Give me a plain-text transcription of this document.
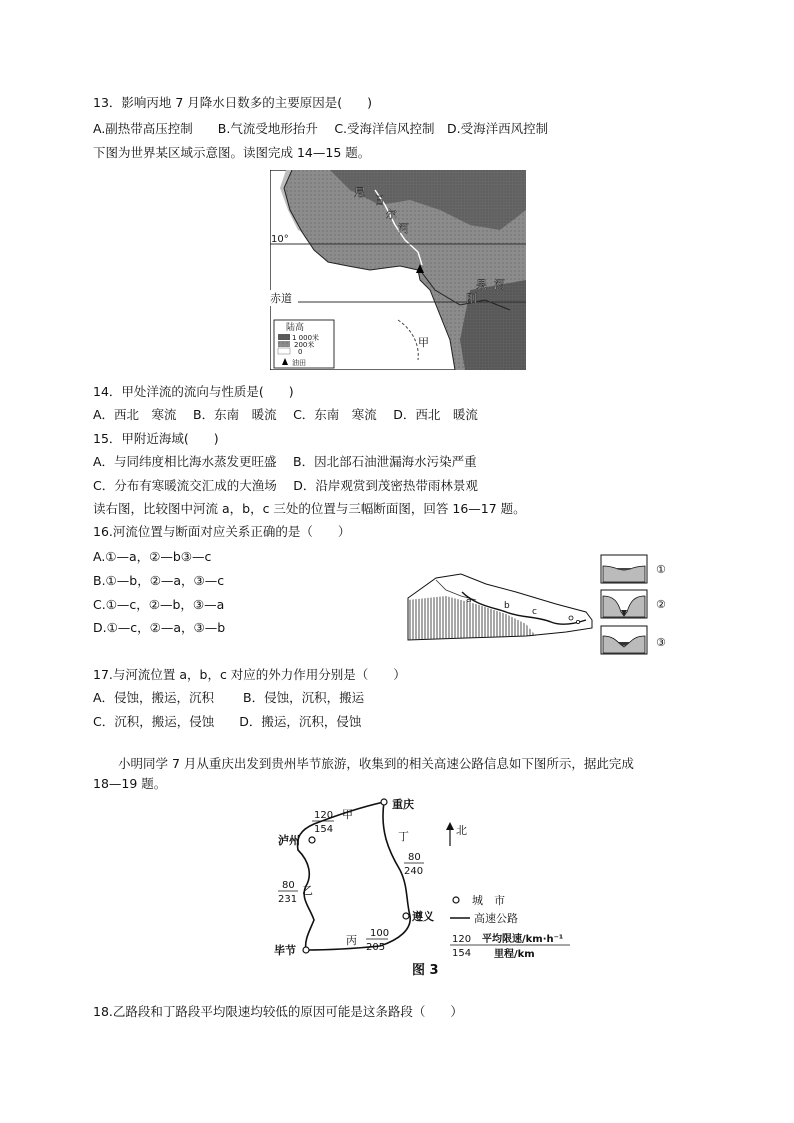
13．影响丙地 7 月降水日数多的主要原因是(　　)
A.副热带高压控制　　B.气流受地形抬升　 C.受海洋信风控制　D.受海洋西风控制
下图为世界某区域示意图。读图完成 14—15 题。
10°
尼
日
尔
河
刚
果 河
甲
陆高
1 000米
200米
0
油田
赤道
14．甲处洋流的流向与性质是(　　)
A．西北　寒流　 B．东南　暖流　 C．东南　寒流　 D．西北　暖流
15．甲附近海域(　　)
A．与同纬度相比海水蒸发更旺盛　 B．因北部石油泄漏海水污染严重
C．分布有寒暖流交汇成的大渔场　 D．沿岸观赏到茂密热带雨林景观
读右图，比较图中河流 a，b，c 三处的位置与三幅断面图，回答 16—17 题。
16.河流位置与断面对应关系正确的是（　　）
A.①—a，②—b③—c
B.①—b，②—a，③—c
C.①—c，②—b，③—a
D.①—c，②—a，③—b
a
b
c
①
②
③
17.与河流位置 a，b，c 对应的外力作用分别是（　　）
A．侵蚀，搬运，沉积　　 B．侵蚀，沉积，搬运
C．沉积，搬运，侵蚀　　D．搬运，沉积，侵蚀
小明同学 7 月从重庆出发到贵州毕节旅游，收集到的相关高速公路信息如下图所示，据此完成
18—19 题。
重庆
泸州
遵义
毕节
甲
乙
丙
丁
120
154
80
240
80
231
100
205
北
城　市
高速公路
120
154
平均限速/km·h⁻¹
里程/km
图 3
18.乙路段和丁路段平均限速均较低的原因可能是这条路段（　　）
